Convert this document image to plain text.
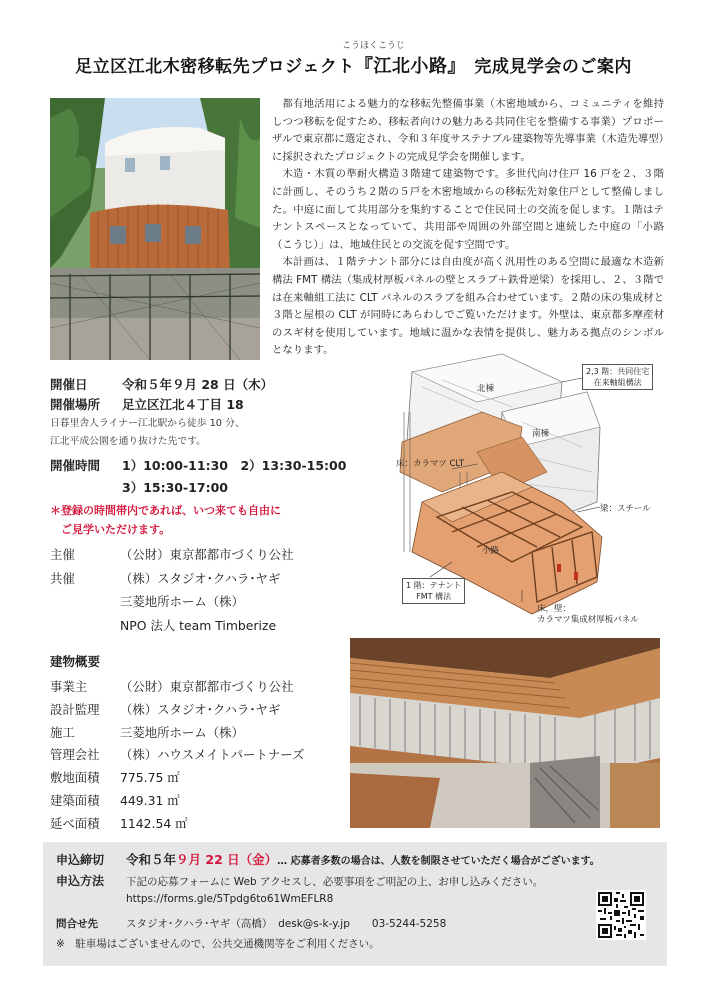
こうほくこうじ
足立区江北木密移転先プロジェクト『江北小路』　 完成見学会のご案内

都有地活用による魅力的な移転先整備事業（木密地域から、コミュニティを維持しつつ移転を促すため、移転者向けの魅力ある共同住宅を整備する事業）プロポーザルで東京都に選定され、令和３年度サステナブル建築物等先導事業（木造先導型）に採択されたプロジェクトの完成見学会を開催します。

木造・木質の準耐火構造３階建て建築物です。多世代向け住戸 16 戸を２、３階に計画し、そのうち２階の５戸を木密地域からの移転先対象住戸として整備しました。中庭に面して共用部分を集約することで住民同士の交流を促します。１階はテナントスペースとなっていて、共用部や周囲の外部空間と連続した中庭の「小路（こうじ）」は、地域住民との交流を促す空間です。

本計画は、１階テナント部分には自由度が高く汎用性のある空間に最適な木造新構法 FMT 構法（集成材厚板パネルの壁とスラブ＋鉄骨逆梁）を採用し、２、３階では在来軸組工法に CLT パネルのスラブを組み合わせています。２階の床の集成材と３階と屋根の CLT が同時にあらわしでご覧いただけます。外壁は、東京都多摩産材のスギ材を使用しています。地域に温かな表情を提供し、魅力ある拠点のシンボルとなります。

開催日	令和５年９月 28 日（木）
開催場所 足立区江北４丁目 18
日暮里舎人ライナー江北駅から徒歩 10 分、
江北平成公園を通り抜けた先です。
開催時間 1）10:00-11:30　 2）13:30-15:00
3）15:30-17:00
＊登録の時間帯内であれば、いつ来ても自由に
ご見学いただけます。
主催	（公財）東京都都市づくり公社
共催	（株）スタジオ･クハラ･ヤギ
三菱地所ホーム（株）
NPO 法人 team Timberize
建物概要
事業主	（公財）東京都都市づくり公社
設計監理 （株）スタジオ･クハラ･ヤギ
施工	三菱地所ホーム（株）
管理会社 （株）ハウスメイトパートナーズ
敷地面積 775.75 ㎡
建築面積 449.31 ㎡
延べ面積 1142.54 ㎡
2,3 階：共同住宅
在来軸組構法
北棟
南棟
床：カラマツ CLT
梁：スチール
小路
1 階：テナント
FMT 構法
床，壁：
カラマツ集成材厚板パネル
申込締切 令和５年９月 22 日（金）… 応募者多数の場合は、人数を制限させていただく場合がございます。
申込方法 下記の応募フォームに Web アクセスし、必要事項をご明記の上、お申し込みください。
https://forms.gle/5Tpdg6to61WmEFLR8
問合せ先	スタジオ･クハラ･ヤギ（高橋）　 desk@s-k-y.jp　　 03-5244-5258
※　駐車場はございませんので、公共交通機関等をご利用ください。
